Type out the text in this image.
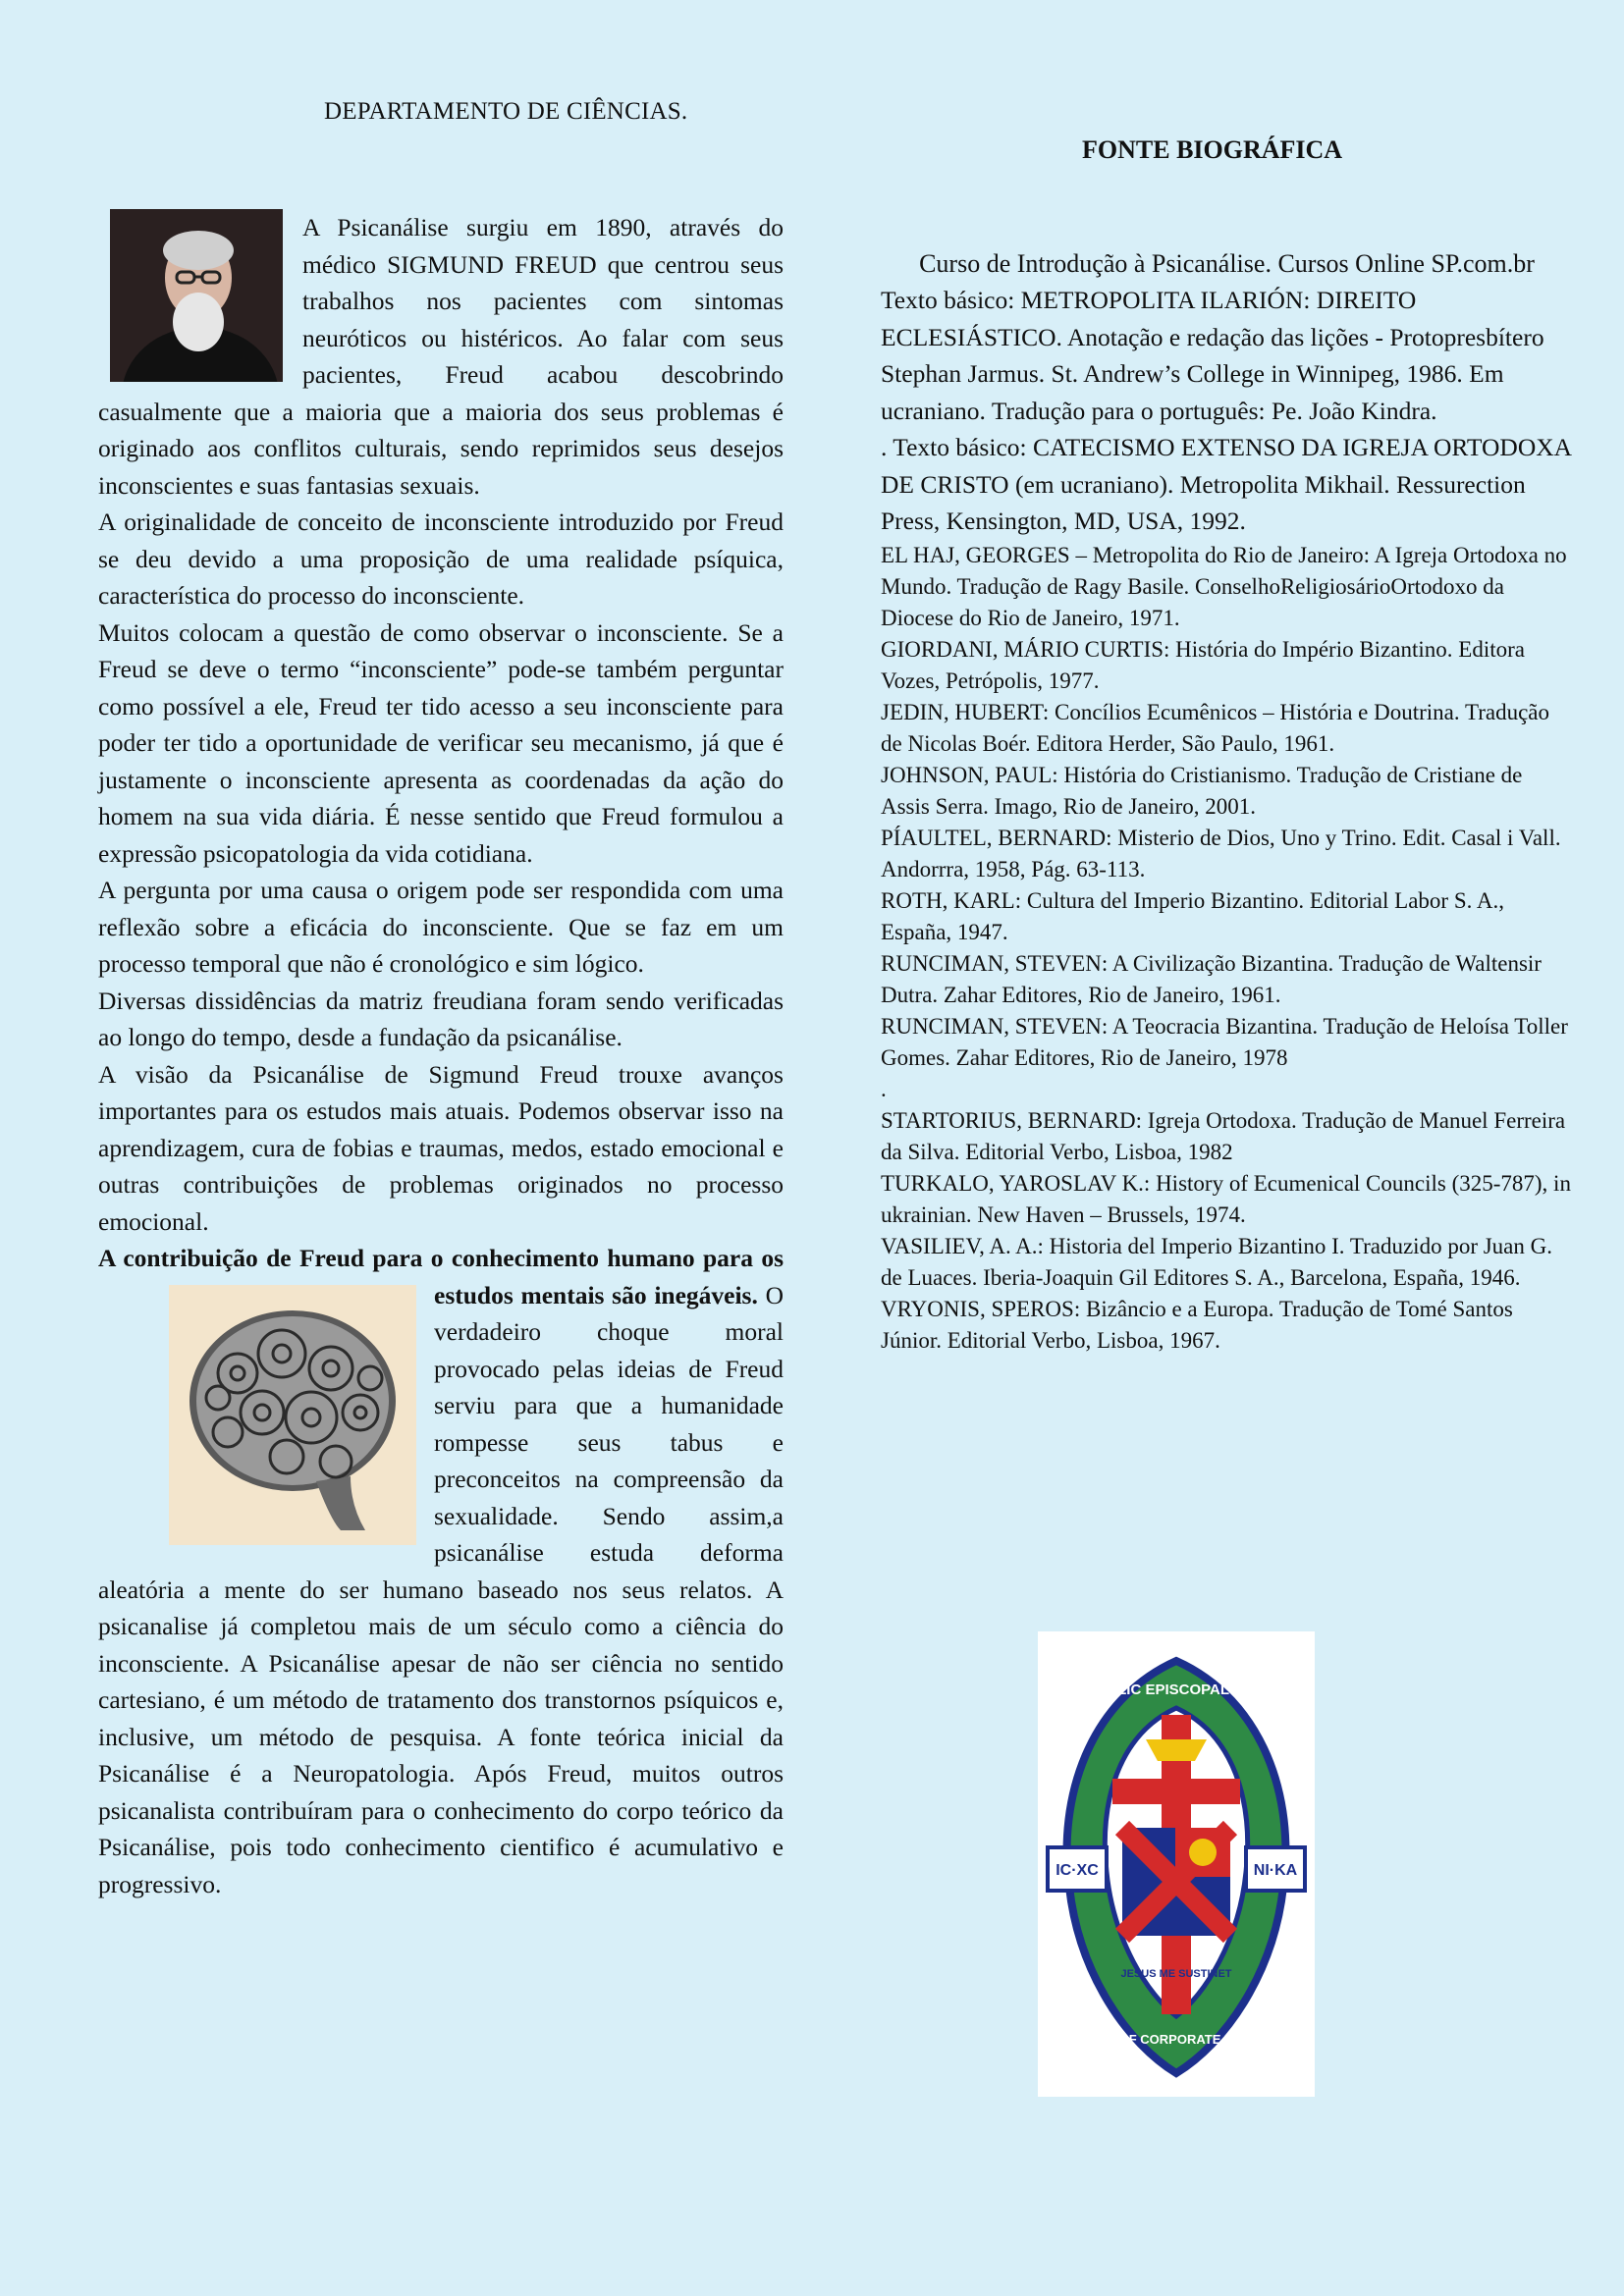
DEPARTAMENTO DE CIÊNCIAS.
FONTE BIOGRÁFICA

A Psicanálise surgiu em 1890, através do médico SIGMUND FREUD que centrou seus trabalhos nos pacientes com sintomas neuróticos ou histéricos. Ao falar com seus pacientes, Freud acabou descobrindo casualmente que a maioria que a maioria dos seus problemas é originado aos conflitos culturais, sendo reprimidos seus desejos inconscientes e suas fantasias sexuais.

A originalidade de conceito de inconsciente introduzido por Freud se deu devido a uma proposição de uma realidade psíquica, característica do processo do inconsciente.

Muitos colocam a questão de como observar o inconsciente. Se a Freud se deve o termo “inconsciente” pode-se também perguntar como possível a ele, Freud ter tido acesso a seu inconsciente para poder ter tido a oportunidade de verificar seu mecanismo, já que é justamente o inconsciente apresenta as coordenadas da ação do homem na sua vida diária. É nesse sentido que Freud formulou a expressão psicopatologia da vida cotidiana.

A pergunta por uma causa o origem pode ser respondida com uma reflexão sobre a eficácia do inconsciente. Que se faz em um processo temporal que não é cronológico e sim lógico.

Diversas dissidências da matriz freudiana foram sendo verificadas ao longo do tempo, desde a fundação da psicanálise.

A visão da Psicanálise de Sigmund Freud trouxe avanços importantes para os estudos mais atuais. Podemos observar isso na aprendizagem, cura de fobias e traumas, medos, estado emocional e outras contribuições de problemas originados no processo emocional.

A contribuição de Freud para o conhecimento humano para os estudos mentais são inegáveis.
O verdadeiro choque moral provocado pelas ideias de Freud serviu para que a humanidade rompesse seus tabus e preconceitos na compreensão da sexualidade. Sendo assim,a psicanálise estuda deforma aleatória a mente do ser humano baseado nos seus relatos. A psicanalise já completou mais de um século como a ciência do inconsciente. A Psicanálise apesar de não ser ciência no sentido cartesiano, é um método de tratamento dos transtornos psíquicos e, inclusive, um método de pesquisa. A fonte teórica inicial da Psicanálise é a Neuropatologia. Após Freud, muitos outros psicanalista contribuíram para o conhecimento do corpo teórico da Psicanálise, pois todo conhecimento cientifico é acumulativo e progressivo.

Curso de Introdução à Psicanálise. Cursos Online SP.com.br

Texto básico: METROPOLITA ILARIÓN: DIREITO ECLESIÁSTICO. Anotação e redação das lições - Protopresbítero Stephan Jarmus. St. Andrew’s College in Winnipeg, 1986. Em ucraniano. Tradução para o português: Pe. João Kindra.

. Texto básico: CATECISMO EXTENSO DA IGREJA ORTODOXA DE CRISTO (em ucraniano). Metropolita Mikhail. Ressurection Press, Kensington, MD, USA, 1992.

EL HAJ, GEORGES – Metropolita do Rio de Janeiro: A Igreja Ortodoxa no Mundo. Tradução de Ragy Basile. ConselhoReligiosárioOrtodoxo da Diocese do Rio de Janeiro, 1971.

GIORDANI, MÁRIO CURTIS: História do Império Bizantino. Editora Vozes, Petrópolis, 1977.

JEDIN, HUBERT: Concílios Ecumênicos – História e Doutrina. Tradução de Nicolas Boér. Editora Herder, São Paulo, 1961.

JOHNSON, PAUL: História do Cristianismo. Tradução de Cristiane de Assis Serra. Imago, Rio de Janeiro, 2001.

PÍAULTEL, BERNARD: Misterio de Dios, Uno y Trino. Edit. Casal i Vall. Andorrra, 1958, Pág. 63-113.

ROTH, KARL: Cultura del Imperio Bizantino. Editorial Labor S. A., España, 1947.

RUNCIMAN, STEVEN: A Civilização Bizantina. Tradução de Waltensir Dutra. Zahar Editores, Rio de Janeiro, 1961.

RUNCIMAN, STEVEN: A Teocracia Bizantina. Tradução de Heloísa Toller Gomes. Zahar Editores, Rio de Janeiro, 1978

.

STARTORIUS, BERNARD: Igreja Ortodoxa. Tradução de Manuel Ferreira da Silva. Editorial Verbo, Lisboa, 1982

TURKALO, YAROSLAV K.: History of Ecumenical Councils (325-787), in ukrainian. New Haven – Brussels, 1974.

VASILIEV, A. A.: Historia del Imperio Bizantino I. Traduzido por Juan G. de Luaces. Iberia-Joaquin Gil Editores S. A., Barcelona, España, 1946.

VRYONIS, SPEROS: Bizâncio e a Europa. Tradução de Tomé Santos Júnior. Editorial Verbo, Lisboa, 1967.

APOSTOLIC EPISCOPAL CHURCH
IC·XC	NI·KA
JESUS ME SUSTINET
ORDER OF CORPORATE REUNION
